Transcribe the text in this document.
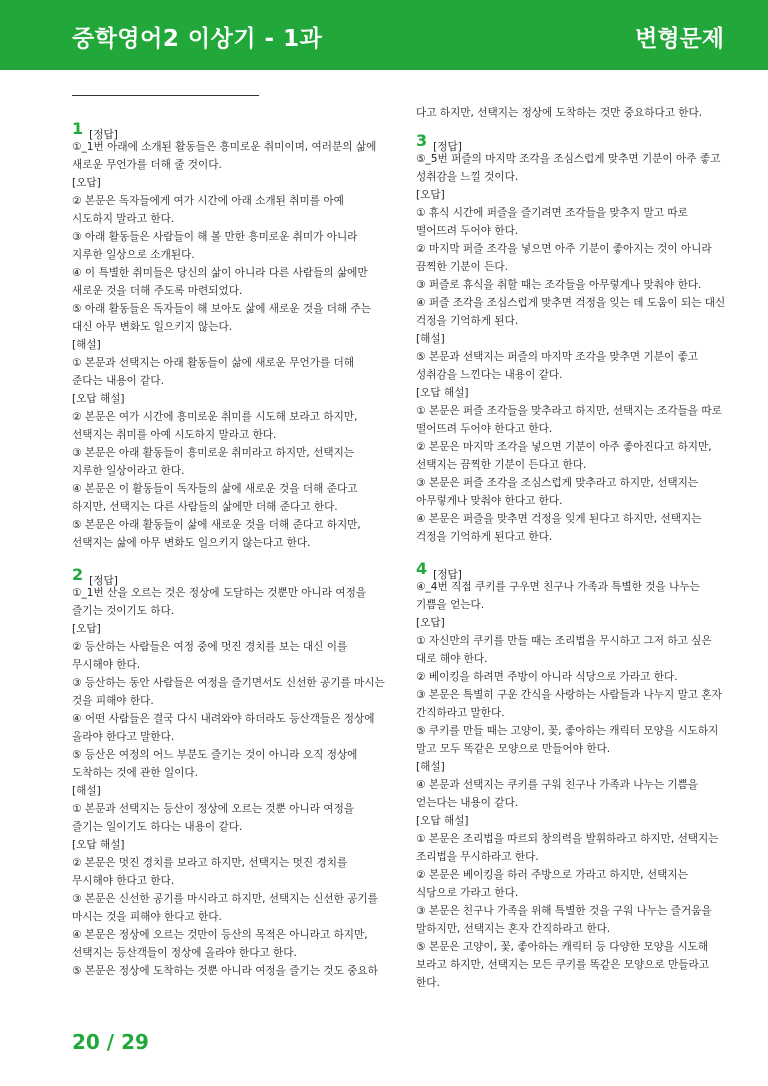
중학영어2 이상기 - 1과	변형문제
1 [정답]

①_1번 아래에 소개된 활동들은 흥미로운 취미이며, 여러분의 삶에 새로운 무언가를 더해 줄 것이다.
[오답]
② 본문은 독자들에게 여가 시간에 아래 소개된 취미를 아예 시도하지 말라고 한다.
③ 아래 활동들은 사람들이 해 볼 만한 흥미로운 취미가 아니라 지루한 일상으로 소개된다.
④ 이 특별한 취미들은 당신의 삶이 아니라 다른 사람들의 삶에만 새로운 것을 더해 주도록 마련되었다.
⑤ 아래 활동들은 독자들이 해 보아도 삶에 새로운 것을 더해 주는 대신 아무 변화도 일으키지 않는다.
[해설]
① 본문과 선택지는 아래 활동들이 삶에 새로운 무언가를 더해 준다는 내용이 같다.
[오답 해설]
② 본문은 여가 시간에 흥미로운 취미를 시도해 보라고 하지만, 선택지는 취미를 아예 시도하지 말라고 한다.
③ 본문은 아래 활동들이 흥미로운 취미라고 하지만, 선택지는 지루한 일상이라고 한다.
④ 본문은 이 활동들이 독자들의 삶에 새로운 것을 더해 준다고 하지만, 선택지는 다른 사람들의 삶에만 더해 준다고 한다.
⑤ 본문은 아래 활동들이 삶에 새로운 것을 더해 준다고 하지만, 선택지는 삶에 아무 변화도 일으키지 않는다고 한다.

2 [정답]

①_1번 산을 오르는 것은 정상에 도달하는 것뿐만 아니라 여정을 즐기는 것이기도 하다.
[오답]
② 등산하는 사람들은 여정 중에 멋진 경치를 보는 대신 이를 무시해야 한다.
③ 등산하는 동안 사람들은 여정을 즐기면서도 신선한 공기를 마시는 것을 피해야 한다.
④ 어떤 사람들은 결국 다시 내려와야 하더라도 등산객들은 정상에 올라야 한다고 말한다.
⑤ 등산은 여정의 어느 부분도 즐기는 것이 아니라 오직 정상에 도착하는 것에 관한 일이다.
[해설]
① 본문과 선택지는 등산이 정상에 오르는 것뿐 아니라 여정을 즐기는 일이기도 하다는 내용이 같다.
[오답 해설]
② 본문은 멋진 경치를 보라고 하지만, 선택지는 멋진 경치를 무시해야 한다고 한다.
③ 본문은 신선한 공기를 마시라고 하지만, 선택지는 신선한 공기를 마시는 것을 피해야 한다고 한다.
④ 본문은 정상에 오르는 것만이 등산의 목적은 아니라고 하지만, 선택지는 등산객들이 정상에 올라야 한다고 한다.
⑤ 본문은 정상에 도착하는 것뿐 아니라 여정을 즐기는 것도 중요하

다고 하지만, 선택지는 정상에 도착하는 것만 중요하다고 한다.

3 [정답]

⑤_5번 퍼즐의 마지막 조각을 조심스럽게 맞추면 기분이 아주 좋고 성취감을 느낄 것이다.
[오답]
① 휴식 시간에 퍼즐을 즐기려면 조각들을 맞추지 말고 따로 떨어뜨려 두어야 한다.
② 마지막 퍼즐 조각을 넣으면 아주 기분이 좋아지는 것이 아니라 끔찍한 기분이 든다.
③ 퍼즐로 휴식을 취할 때는 조각들을 아무렇게나 맞춰야 한다.
④ 퍼즐 조각을 조심스럽게 맞추면 걱정을 잊는 데 도움이 되는 대신 걱정을 기억하게 된다.
[해설]
⑤ 본문과 선택지는 퍼즐의 마지막 조각을 맞추면 기분이 좋고 성취감을 느낀다는 내용이 같다.
[오답 해설]
① 본문은 퍼즐 조각들을 맞추라고 하지만, 선택지는 조각들을 따로 떨어뜨려 두어야 한다고 한다.
② 본문은 마지막 조각을 넣으면 기분이 아주 좋아진다고 하지만, 선택지는 끔찍한 기분이 든다고 한다.
③ 본문은 퍼즐 조각을 조심스럽게 맞추라고 하지만, 선택지는 아무렇게나 맞춰야 한다고 한다.
④ 본문은 퍼즐을 맞추면 걱정을 잊게 된다고 하지만, 선택지는 걱정을 기억하게 된다고 한다.

4 [정답]

④_4번 직접 쿠키를 구우면 친구나 가족과 특별한 것을 나누는 기쁨을 얻는다.
[오답]
① 자신만의 쿠키를 만들 때는 조리법을 무시하고 그저 하고 싶은 대로 해야 한다.
② 베이킹을 하려면 주방이 아니라 식당으로 가라고 한다.
③ 본문은 특별히 구운 간식을 사랑하는 사람들과 나누지 말고 혼자 간직하라고 말한다.
⑤ 쿠키를 만들 때는 고양이, 꽃, 좋아하는 캐릭터 모양을 시도하지 말고 모두 똑같은 모양으로 만들어야 한다.
[해설]
④ 본문과 선택지는 쿠키를 구워 친구나 가족과 나누는 기쁨을 얻는다는 내용이 같다.
[오답 해설]
① 본문은 조리법을 따르되 창의력을 발휘하라고 하지만, 선택지는 조리법을 무시하라고 한다.
② 본문은 베이킹을 하러 주방으로 가라고 하지만, 선택지는 식당으로 가라고 한다.
③ 본문은 친구나 가족을 위해 특별한 것을 구워 나누는 즐거움을 말하지만, 선택지는 혼자 간직하라고 한다.
⑤ 본문은 고양이, 꽃, 좋아하는 캐릭터 등 다양한 모양을 시도해 보라고 하지만, 선택지는 모든 쿠키를 똑같은 모양으로 만들라고 한다.

20 / 29
